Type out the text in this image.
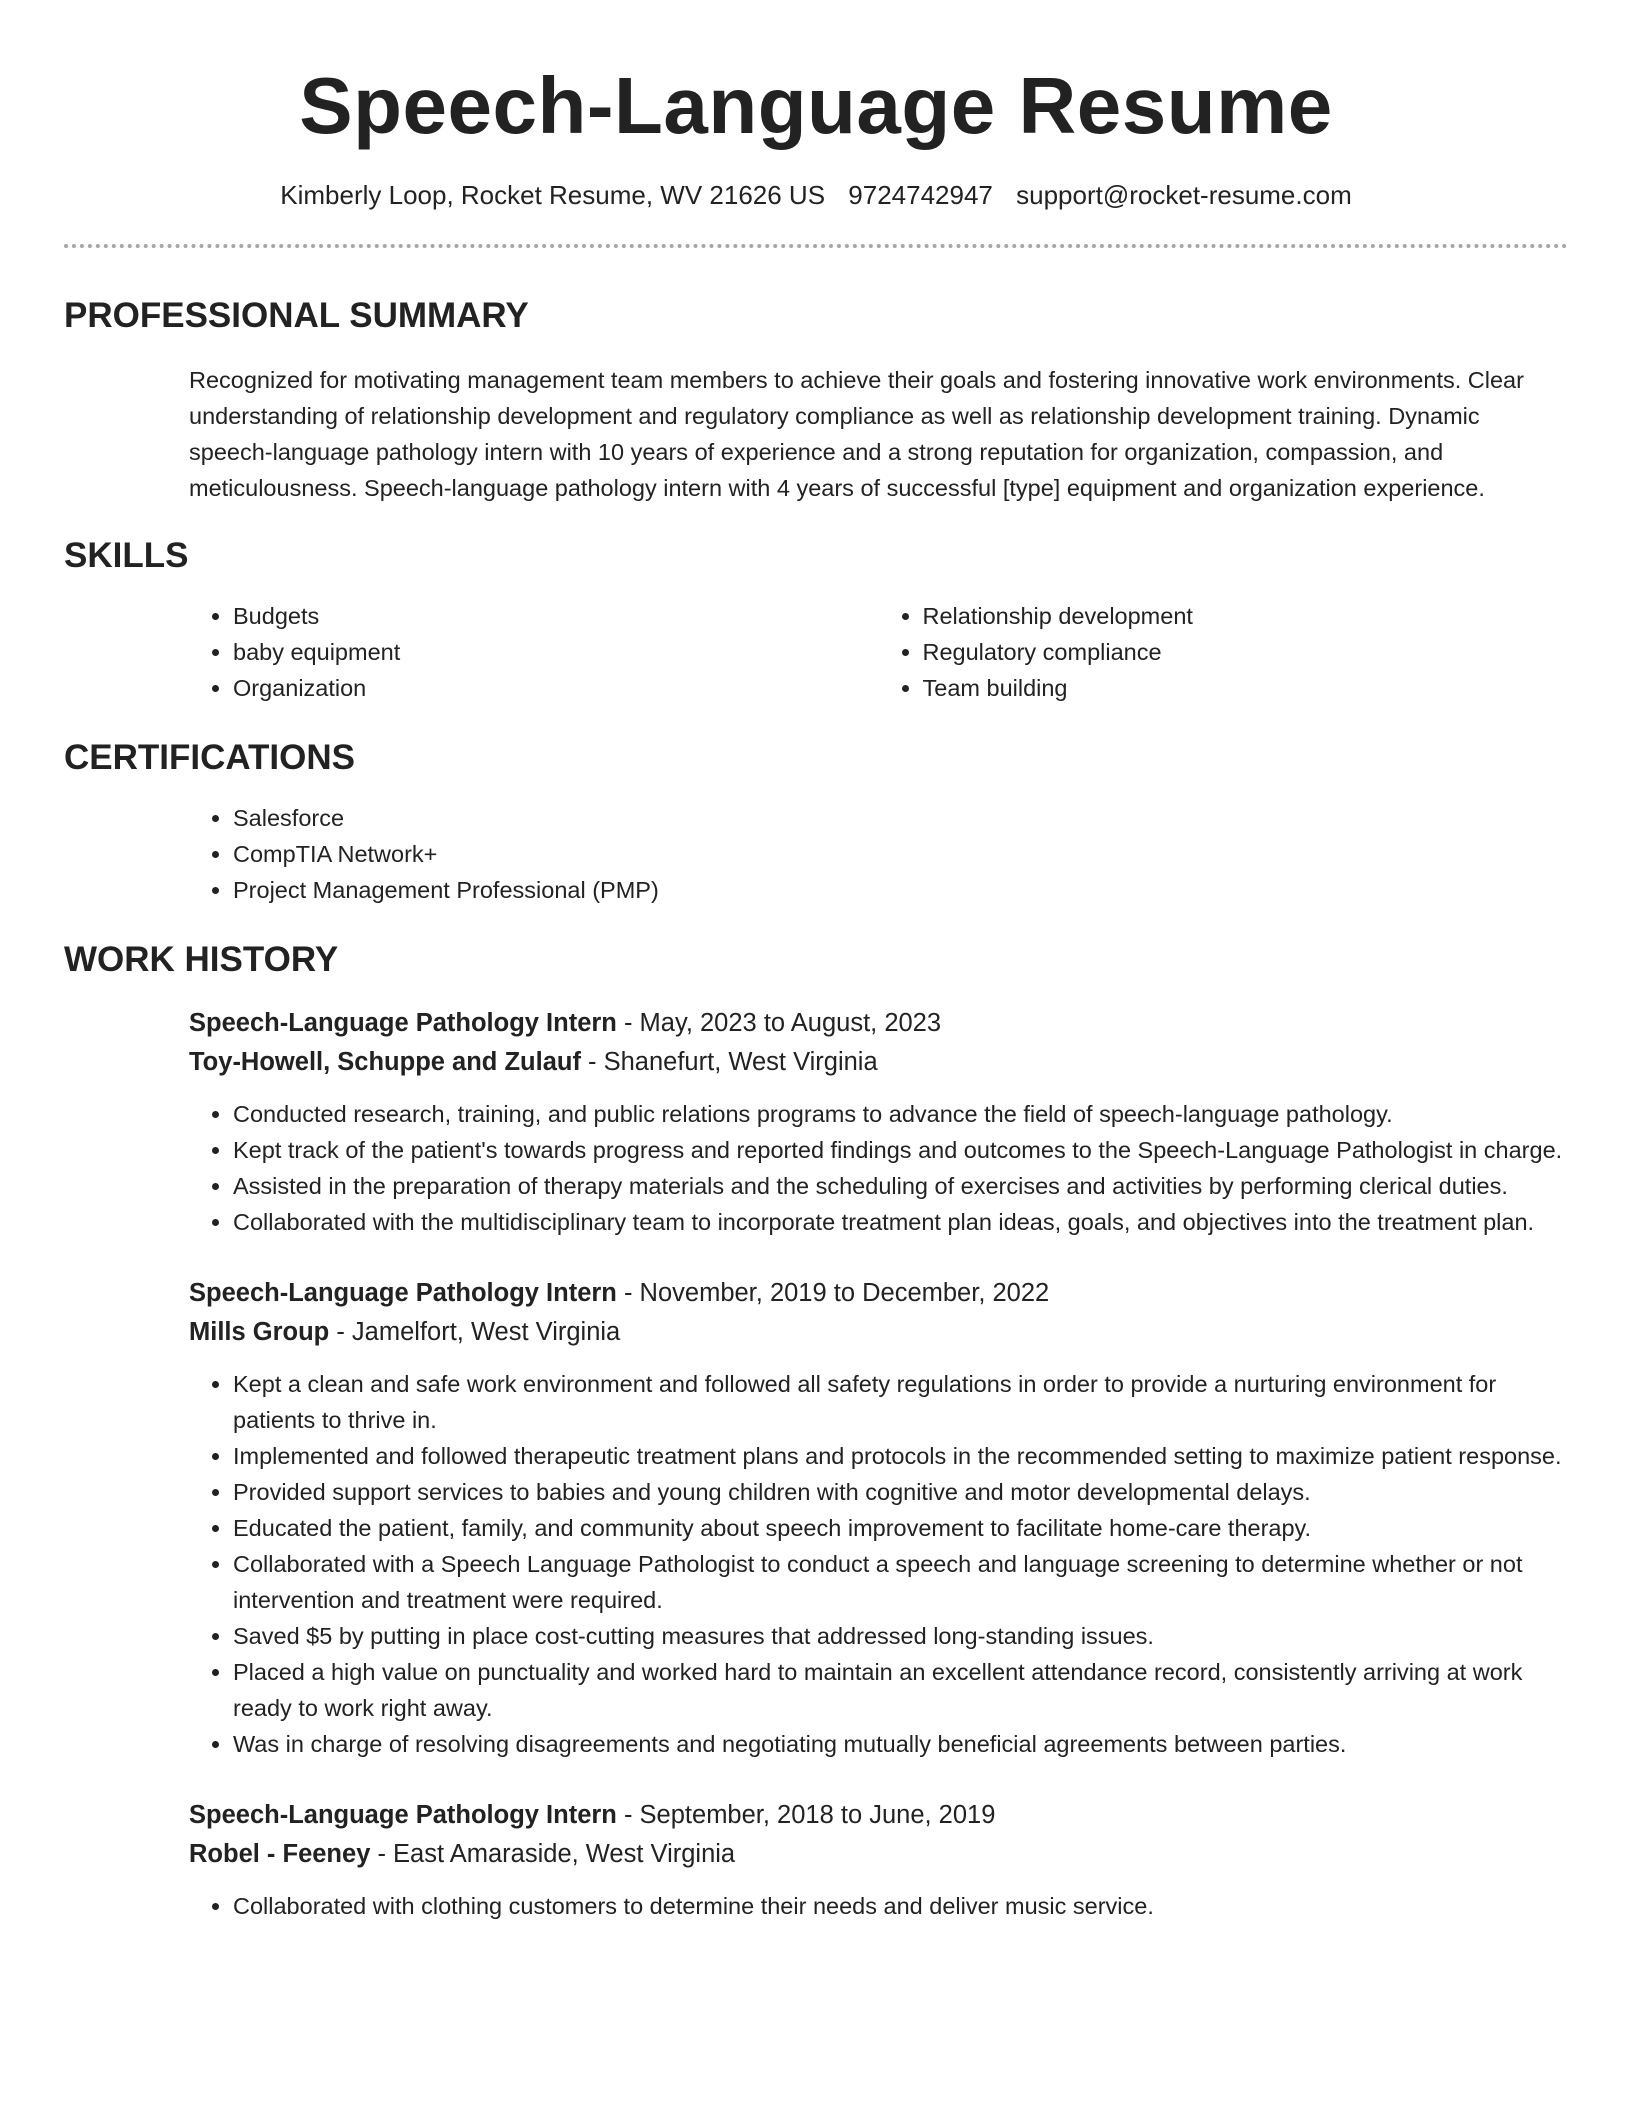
Speech-Language Resume
Kimberly Loop, Rocket Resume, WV 21626 US 9724742947 support@rocket-resume.com
PROFESSIONAL SUMMARY
Recognized for motivating management team members to achieve their goals and fostering innovative work environments. Clear understanding of relationship development and regulatory compliance as well as relationship development training. Dynamic speech-language pathology intern with 10 years of experience and a strong reputation for organization, compassion, and meticulousness. Speech-language pathology intern with 4 years of successful [type] equipment and organization experience.
SKILLS
• Budgets
• baby equipment
• Organization
• Relationship development
• Regulatory compliance
• Team building
CERTIFICATIONS
• Salesforce
• CompTIA Network+
• Project Management Professional (PMP)
WORK HISTORY
Speech-Language Pathology Intern - May, 2023 to August, 2023
Toy-Howell, Schuppe and Zulauf - Shanefurt, West Virginia
• Conducted research, training, and public relations programs to advance the field of speech-language pathology.
• Kept track of the patient's towards progress and reported findings and outcomes to the Speech-Language Pathologist in charge.
• Assisted in the preparation of therapy materials and the scheduling of exercises and activities by performing clerical duties.
• Collaborated with the multidisciplinary team to incorporate treatment plan ideas, goals, and objectives into the treatment plan.
Speech-Language Pathology Intern - November, 2019 to December, 2022
Mills Group - Jamelfort, West Virginia
• Kept a clean and safe work environment and followed all safety regulations in order to provide a nurturing environment for patients to thrive in.
• Implemented and followed therapeutic treatment plans and protocols in the recommended setting to maximize patient response.
• Provided support services to babies and young children with cognitive and motor developmental delays.
• Educated the patient, family, and community about speech improvement to facilitate home-care therapy.
• Collaborated with a Speech Language Pathologist to conduct a speech and language screening to determine whether or not intervention and treatment were required.
• Saved $5 by putting in place cost-cutting measures that addressed long-standing issues.
• Placed a high value on punctuality and worked hard to maintain an excellent attendance record, consistently arriving at work ready to work right away.
• Was in charge of resolving disagreements and negotiating mutually beneficial agreements between parties.
Speech-Language Pathology Intern - September, 2018 to June, 2019
Robel - Feeney - East Amaraside, West Virginia
• Collaborated with clothing customers to determine their needs and deliver music service.
